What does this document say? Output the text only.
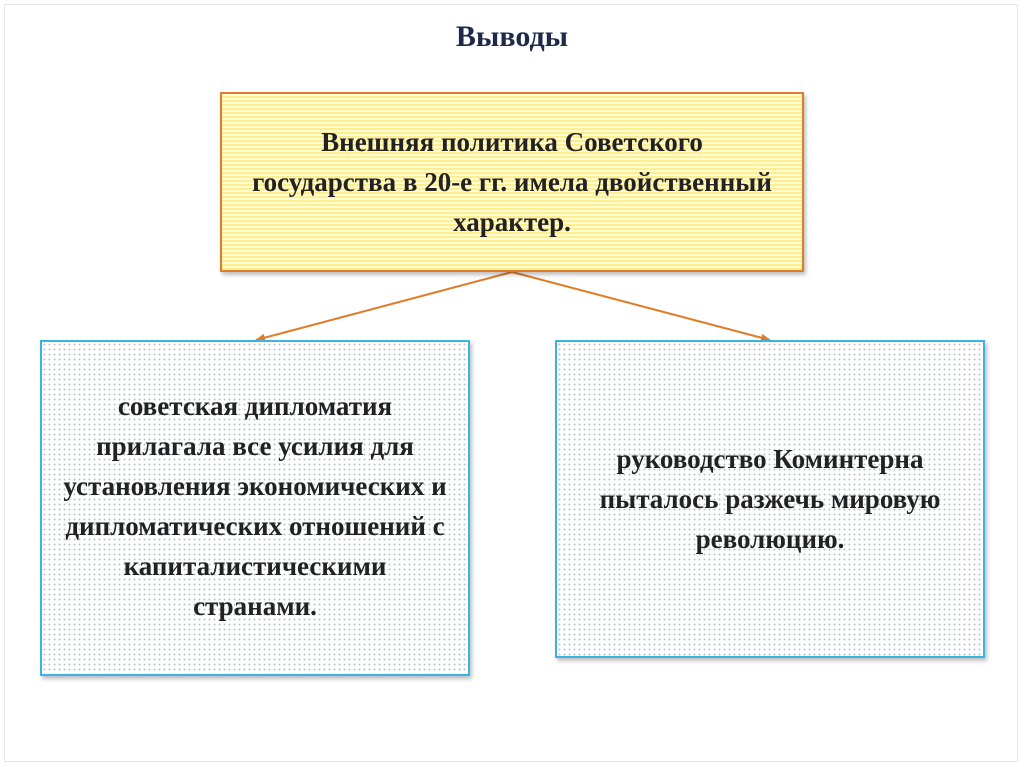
Выводы
Внешняя политика Советского государства в 20-е гг. имела двойственный характер.
советская дипломатия прилагала все усилия для установления экономических и дипломатических отношений с капиталистическими странами.
руководство Коминтерна пыталось разжечь мировую революцию.
